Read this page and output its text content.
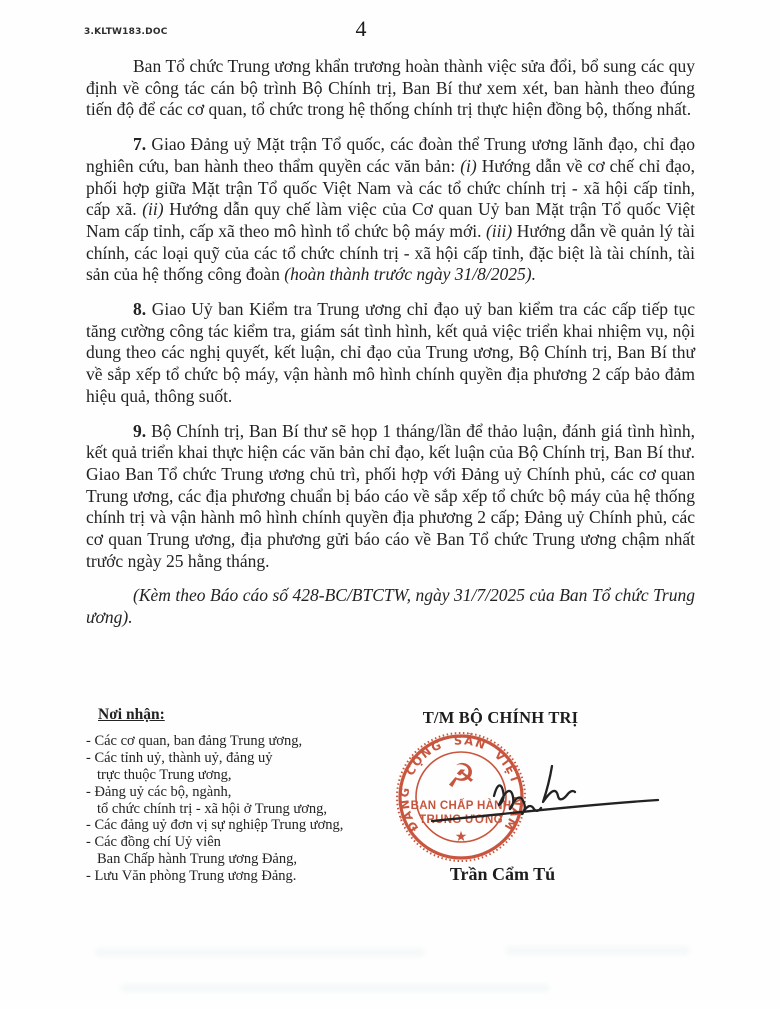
3.KLTW183.DOC	4

Ban Tổ chức Trung ương khẩn trương hoàn thành việc sửa đổi, bổ sung các quy định về công tác cán bộ trình Bộ Chính trị, Ban Bí thư xem xét, ban hành theo đúng tiến độ để các cơ quan, tổ chức trong hệ thống chính trị thực hiện đồng bộ, thống nhất.

7. Giao Đảng uỷ Mặt trận Tổ quốc, các đoàn thể Trung ương lãnh đạo, chỉ đạo nghiên cứu, ban hành theo thẩm quyền các văn bản: (i) Hướng dẫn về cơ chế chỉ đạo, phối hợp giữa Mặt trận Tổ quốc Việt Nam và các tổ chức chính trị - xã hội cấp tỉnh, cấp xã. (ii) Hướng dẫn quy chế làm việc của Cơ quan Uỷ ban Mặt trận Tổ quốc Việt Nam cấp tỉnh, cấp xã theo mô hình tổ chức bộ máy mới. (iii) Hướng dẫn về quản lý tài chính, các loại quỹ của các tổ chức chính trị - xã hội cấp tỉnh, đặc biệt là tài chính, tài sản của hệ thống công đoàn (hoàn thành trước ngày 31/8/2025).

8. Giao Uỷ ban Kiểm tra Trung ương chỉ đạo uỷ ban kiểm tra các cấp tiếp tục tăng cường công tác kiểm tra, giám sát tình hình, kết quả việc triển khai nhiệm vụ, nội dung theo các nghị quyết, kết luận, chỉ đạo của Trung ương, Bộ Chính trị, Ban Bí thư về sắp xếp tổ chức bộ máy, vận hành mô hình chính quyền địa phương 2 cấp bảo đảm hiệu quả, thông suốt.

9. Bộ Chính trị, Ban Bí thư sẽ họp 1 tháng/lần để thảo luận, đánh giá tình hình, kết quả triển khai thực hiện các văn bản chỉ đạo, kết luận của Bộ Chính trị, Ban Bí thư. Giao Ban Tổ chức Trung ương chủ trì, phối hợp với Đảng uỷ Chính phủ, các cơ quan Trung ương, các địa phương chuẩn bị báo cáo về sắp xếp tổ chức bộ máy của hệ thống chính trị và vận hành mô hình chính quyền địa phương 2 cấp; Đảng uỷ Chính phủ, các cơ quan Trung ương, địa phương gửi báo cáo về Ban Tổ chức Trung ương chậm nhất trước ngày 25 hằng tháng.

(Kèm theo Báo cáo số 428-BC/BTCTW, ngày 31/7/2025 của Ban Tổ chức Trung ương).

Nơi nhận:
- Các cơ quan, ban đảng Trung ương,
- Các tỉnh uỷ, thành uỷ, đảng uỷ
trực thuộc Trung ương,
- Đảng uỷ các bộ, ngành,
tổ chức chính trị - xã hội ở Trung ương,
- Các đảng uỷ đơn vị sự nghiệp Trung ương,
- Các đồng chí Uỷ viên
Ban Chấp hành Trung ương Đảng,
- Lưu Văn phòng Trung ương Đảng.
T/M BỘ CHÍNH TRỊ
ĐẢNG CỘNG SẢN VIỆT NAM
☭
BAN CHẤP HÀNH
TRUNG ƯƠNG
★
Trần Cẩm Tú
